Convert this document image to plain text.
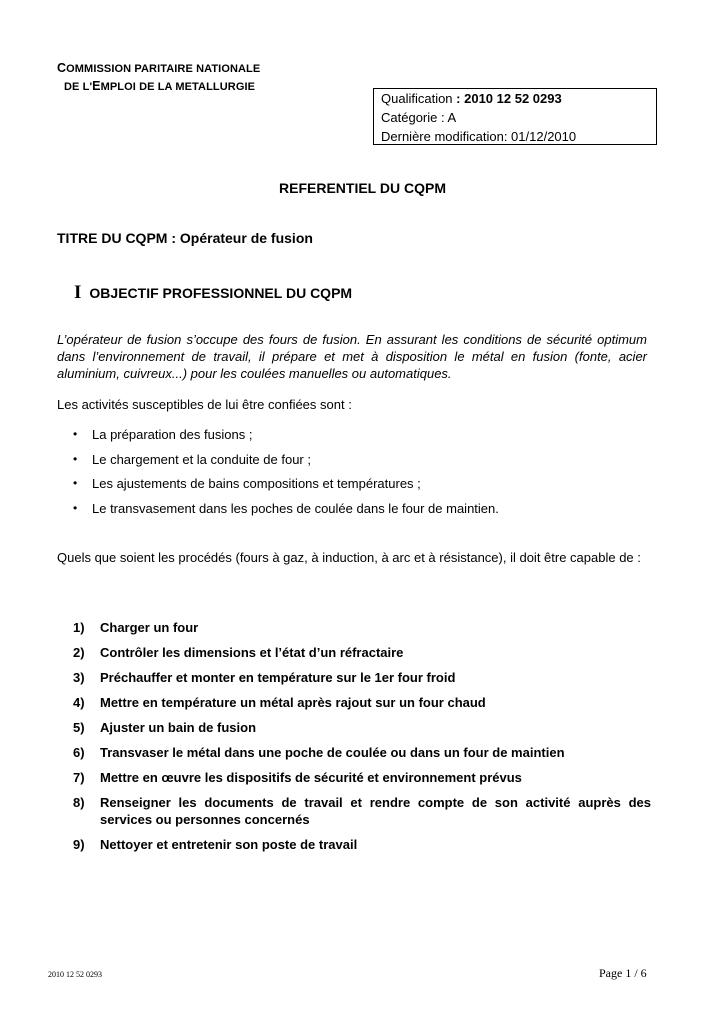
COMMISSION PARITAIRE NATIONALE
DE L'EMPLOI DE LA METALLURGIE
Qualification : 2010 12 52 0293
Catégorie : A
Dernière modification: 01/12/2010
REFERENTIEL DU CQPM
TITRE DU CQPM : Opérateur de fusion
I OBJECTIF PROFESSIONNEL DU CQPM
L’opérateur de fusion s’occupe des fours de fusion. En assurant les conditions de sécurité optimum dans l’environnement de travail, il prépare et met à disposition le métal en fusion (fonte, acier aluminium, cuivreux...) pour les coulées manuelles ou automatiques.
Les activités susceptibles de lui être confiées sont :
•	La préparation des fusions ;
•	Le chargement et la conduite de four ;
•	Les ajustements de bains compositions et températures ;
•	Le transvasement dans les poches de coulée dans le four de maintien.
Quels que soient les procédés (fours à gaz, à induction, à arc et à résistance), il doit être capable de :
1)	Charger un four
2)	Contrôler les dimensions et l’état d’un réfractaire
3)	Préchauffer et monter en température sur le 1er four froid
4)	Mettre en température un métal après rajout sur un four chaud
5)	Ajuster un bain de fusion
6)	Transvaser le métal dans une poche de coulée ou dans un four de maintien
7)	Mettre en œuvre les dispositifs de sécurité et environnement prévus
8)	Renseigner les documents de travail et rendre compte de son activité auprès des services ou personnes concernés
9)	Nettoyer et entretenir son poste de travail
2010 12 52 0293	Page 1 / 6
